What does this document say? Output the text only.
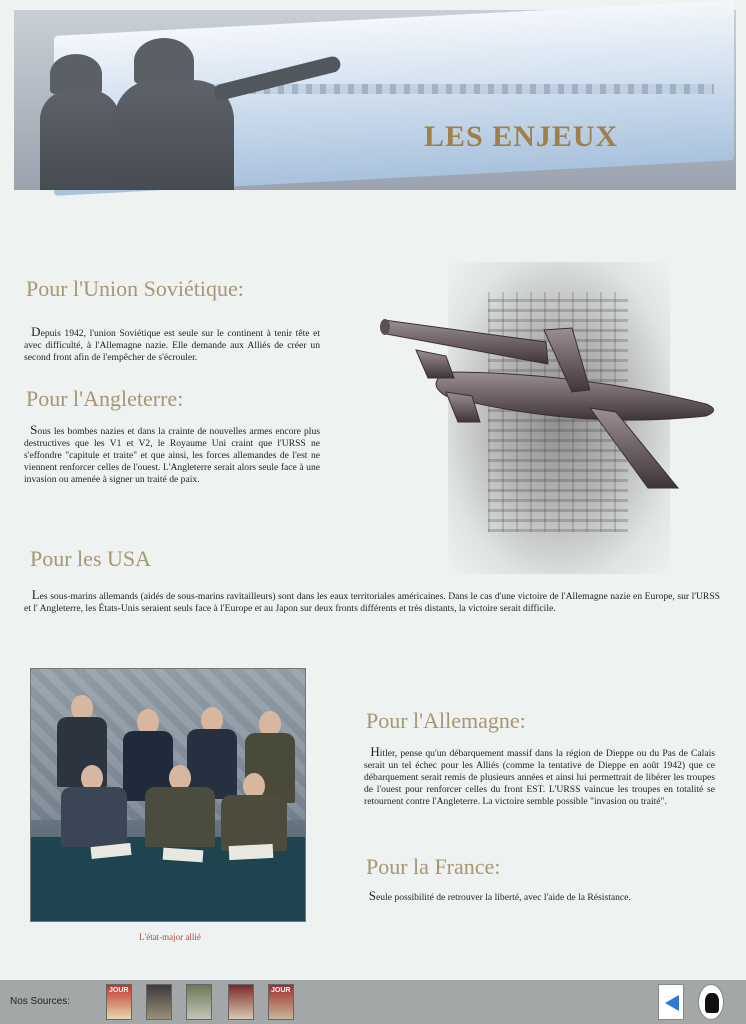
LES ENJEUX
Pour l'Union Soviétique:
Depuis 1942, l'union Soviétique est seule sur le continent à tenir tête et avec difficulté, à l'Allemagne nazie. Elle demande aux Alliés de créer un second front afin de l'empêcher de s'écrouler.
Pour l'Angleterre:
Sous les bombes nazies et dans la crainte de nouvelles armes encore plus destructives que les V1 et V2, le Royaume Uni craint que l'URSS ne s'effondre "capitule et traite" et que ainsi, les forces allemandes de l'est ne viennent renforcer celles de l'ouest. L'Angleterre serait alors seule face à une invasion ou amenée à signer un traité de paix.
Pour les USA
Les sous-marins allemands (aidés de sous-marins ravitailleurs) sont dans les eaux territoriales américaines. Dans le cas d'une victoire de l'Allemagne nazie en Europe, sur l'URSS et l' Angleterre, les États-Unis seraient seuls face à l'Europe et au Japon sur deux fronts différents et très distants, la victoire serait difficile.
L'état-major allié
Pour l'Allemagne:
Hitler, pense qu'un débarquement massif dans la région de Dieppe ou du Pas de Calais serait un tel échec pour les Alliés (comme la tentative de Dieppe en août 1942) que ce débarquement serait remis de plusieurs années et ainsi lui permettrait de libérer les troupes de l'ouest pour renforcer celles du front EST. L'URSS vaincue les troupes en totalité se retournent contre l'Angleterre. La victoire semble possible "invasion ou traité".
Pour la France:
Seule possibilité de retrouver la liberté, avec l'aide de la Résistance.
Nos Sources:
JOUR	JOUR
